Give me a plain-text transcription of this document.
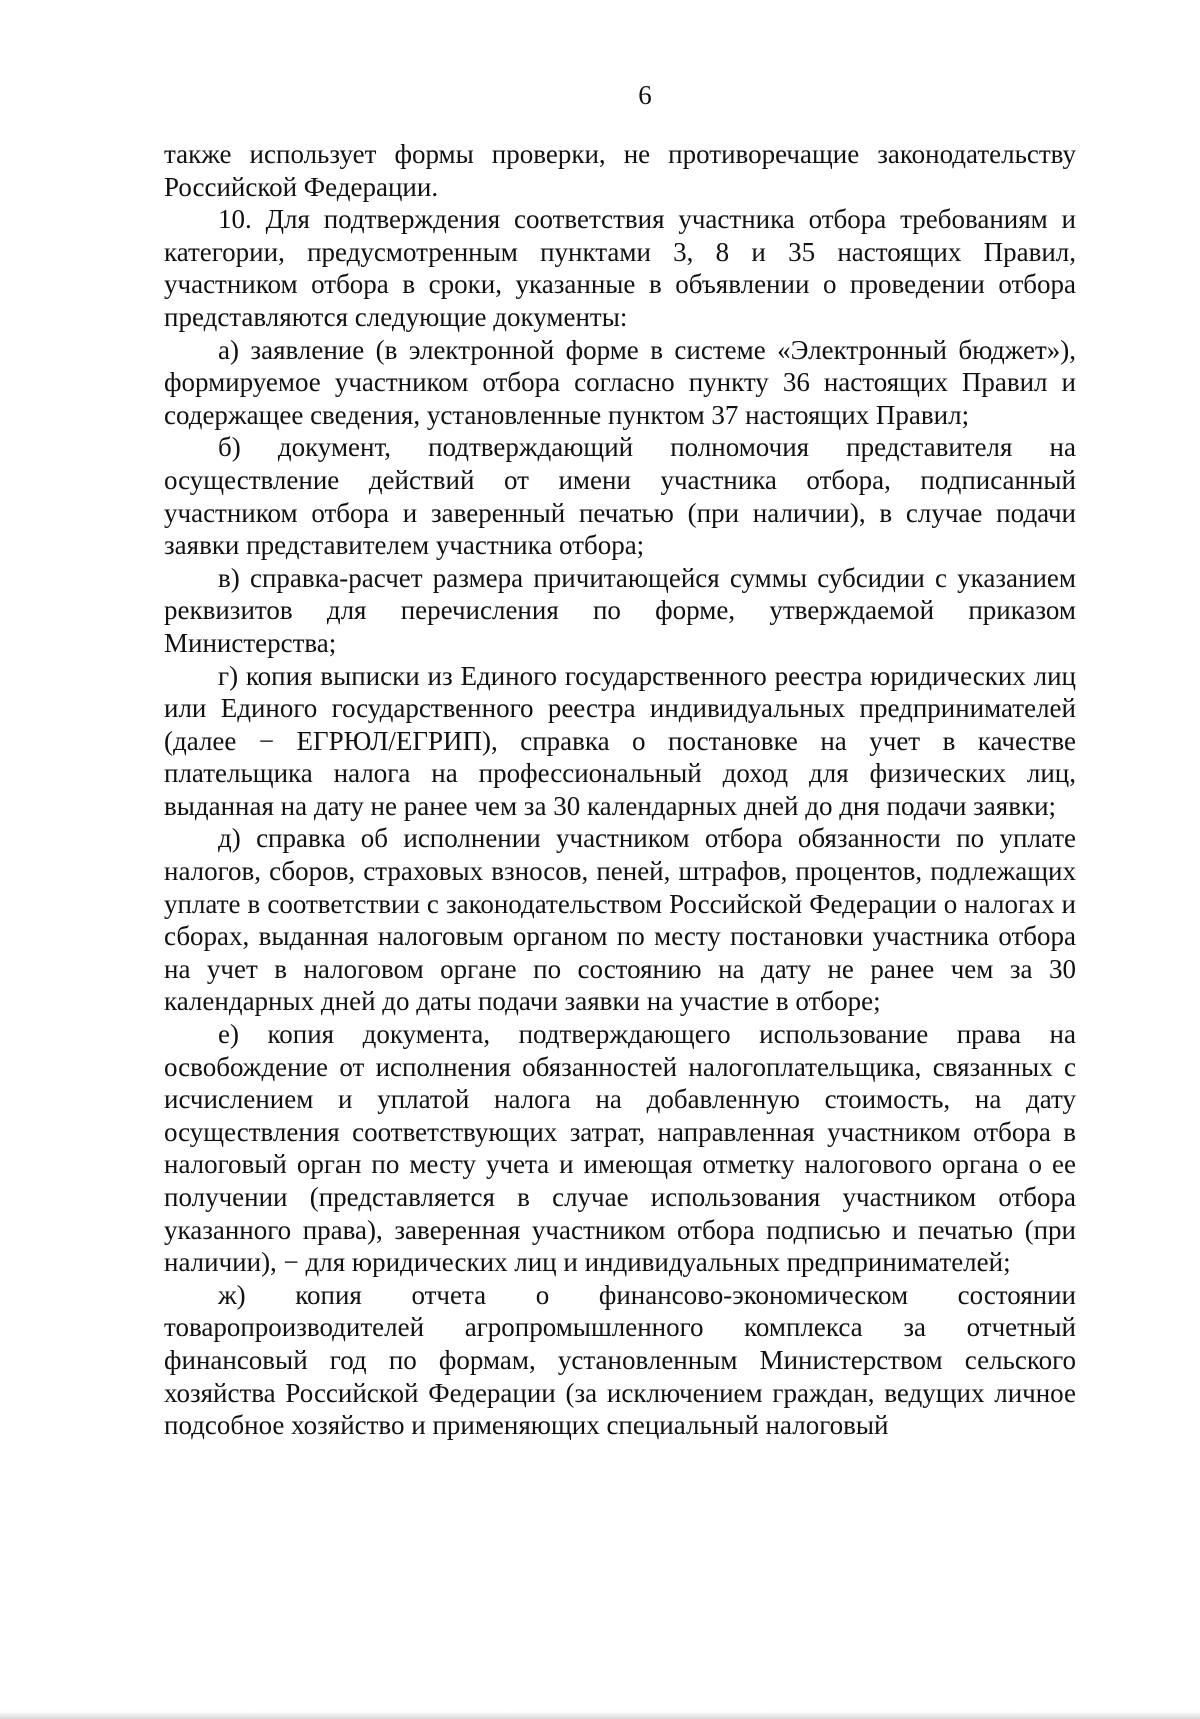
6

также использует формы проверки, не противоречащие законодательству Российской Федерации.

10. Для подтверждения соответствия участника отбора требованиям и категории, предусмотренным пунктами 3, 8 и 35 настоящих Правил, участником отбора в сроки, указанные в объявлении о проведении отбора представляются следующие документы:

а) заявление (в электронной форме в системе «Электронный бюджет»), формируемое участником отбора согласно пункту 36 настоящих Правил и содержащее сведения, установленные пунктом 37 настоящих Правил;

б) документ, подтверждающий полномочия представителя на осуществление действий от имени участника отбора, подписанный участником отбора и заверенный печатью (при наличии), в случае подачи заявки представителем участника отбора;

в) справка-расчет размера причитающейся суммы субсидии с указанием реквизитов для перечисления по форме, утверждаемой приказом Министерства;

г) копия выписки из Единого государственного реестра юридических лиц или Единого государственного реестра индивидуальных предпринимателей (далее − ЕГРЮЛ/ЕГРИП), справка о постановке на учет в качестве плательщика налога на профессиональный доход для физических лиц, выданная на дату не ранее чем за 30 календарных дней до дня подачи заявки;

д) справка об исполнении участником отбора обязанности по уплате налогов, сборов, страховых взносов, пеней, штрафов, процентов, подлежащих уплате в соответствии с законодательством Российской Федерации о налогах и сборах, выданная налоговым органом по месту постановки участника отбора на учет в налоговом органе по состоянию на дату не ранее чем за 30 календарных дней до даты подачи заявки на участие в отборе;

е) копия документа, подтверждающего использование права на освобождение от исполнения обязанностей налогоплательщика, связанных с исчислением и уплатой налога на добавленную стоимость, на дату осуществления соответствующих затрат, направленная участником отбора в налоговый орган по месту учета и имеющая отметку налогового органа о ее получении (представляется в случае использования участником отбора указанного права), заверенная участником отбора подписью и печатью (при наличии), − для юридических лиц и индивидуальных предпринимателей;

ж) копия отчета о финансово-экономическом состоянии товаропроизводителей агропромышленного комплекса за отчетный финансовый год по формам, установленным Министерством сельского хозяйства Российской Федерации (за исключением граждан, ведущих личное подсобное хозяйство и применяющих специальный налоговый
